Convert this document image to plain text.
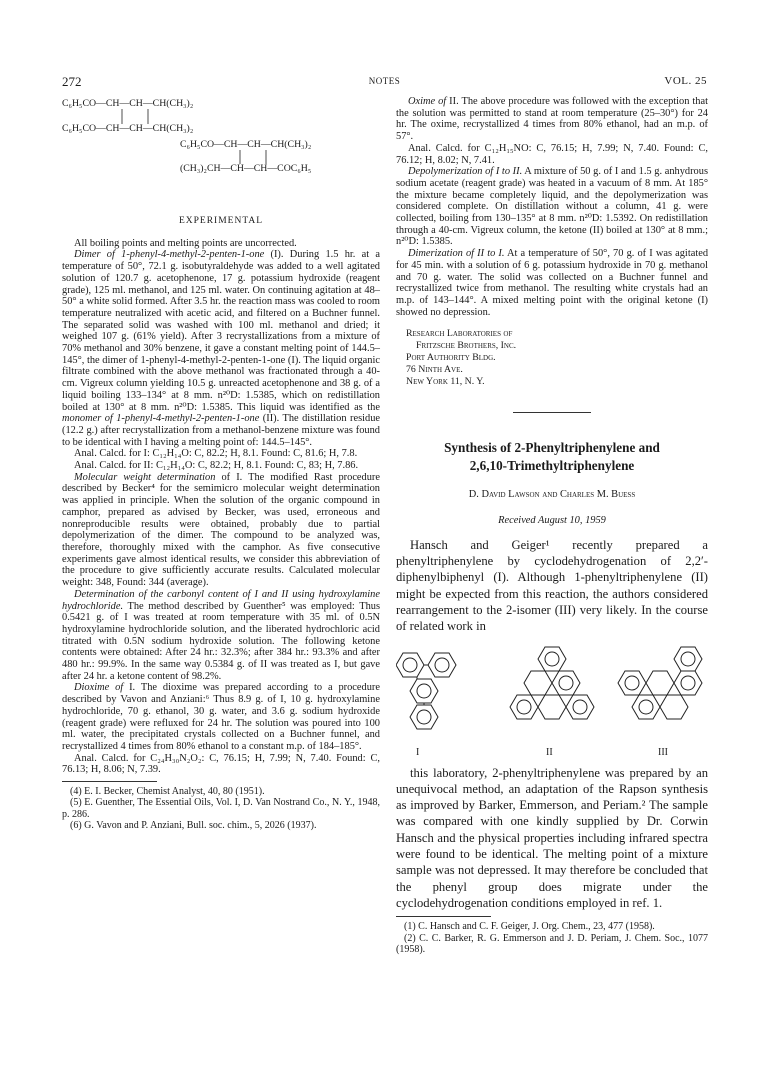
272	NOTES	VOL. 25
C₆H₅CO—CH—CH—CH(CH₃)₂
C₆H₅CO—CH—CH—CH(CH₃)₂
C₆H₅CO—CH—CH—CH(CH₃)₂
(CH₃)₂CH—CH—CH—COC₆H₅
EXPERIMENTAL

All boiling points and melting points are uncorrected.

Dimer of 1-phenyl-4-methyl-2-penten-1-one (I). During 1.5 hr. at a temperature of 50°, 72.1 g. isobutyraldehyde was added to a well agitated solution of 120.7 g. acetophenone, 17 g. potassium hydroxide (reagent grade), 125 ml. methanol, and 125 ml. water. On continuing agitation at 48–50° a white solid formed. After 3.5 hr. the reaction mass was cooled to room temperature neutralized with acetic acid, and filtered on a Buchner funnel. The separated solid was washed with 100 ml. methanol and dried; it weighed 107 g. (61% yield). After 3 recrystallizations from a mixture of 70% methanol and 30% benzene, it gave a constant melting point of 144.5–145°, the dimer of 1-phenyl-4-methyl-2-penten-1-one (I). The liquid organic filtrate combined with the above methanol was fractionated through a 40-cm. Vigreux column yielding 10.5 g. unreacted acetophenone and 38 g. of a liquid boiling 133–134° at 8 mm. n²⁰D: 1.5385, which on redistillation boiled at 130° at 8 mm. n²⁰D: 1.5385. This liquid was identified as the monomer of 1-phenyl-4-methyl-2-penten-1-one (II). The distillation residue (12.2 g.) after recrystallization from a methanol-benzene mixture was found to be identical with I having a melting point of: 144.5–145°.

Anal. Calcd. for I: C₁₂H₁₄O: C, 82.2; H, 8.1. Found: C, 81.6; H, 7.8.

Anal. Calcd. for II: C₁₂H₁₄O: C, 82.2; H, 8.1. Found: C, 83; H, 7.86.

Molecular weight determination of I. The modified Rast procedure described by Becker⁴ for the semimicro molecular weight determination was applied in principle. When the solution of the organic compound in camphor, prepared as advised by Becker, was used, erroneous and nonreproducible results were obtained, probably due to partial depolymerization of the dimer. The compound to be analyzed was, therefore, thoroughly mixed with the camphor. As five consecutive experiments gave almost identical results, we consider this abbreviation of the procedure to give sufficiently accurate results. Calculated molecular weight: 348, Found: 344 (average).

Determination of the carbonyl content of I and II using hydroxylamine hydrochloride. The method described by Guenther⁵ was employed: Thus 0.5421 g. of I was treated at room temperature with 35 ml. of 0.5N hydroxylamine hydrochloride solution, and the liberated hydrochloric acid titrated with 0.5N sodium hydroxide solution. The following ketone contents were obtained: After 24 hr.: 32.3%; after 384 hr.: 93.3% and after 480 hr.: 99.9%. In the same way 0.5384 g. of II was treated as I, but gave after 24 hr. a ketone content of 98.2%.

Dioxime of I. The dioxime was prepared according to a procedure described by Vavon and Anziani:⁶ Thus 8.9 g. of I, 10 g. hydroxylamine hydrochloride, 70 g. ethanol, 30 g. water, and 3.6 g. sodium hydroxide (reagent grade) were refluxed for 24 hr. The solution was poured into 100 ml. water, the precipitated crystals collected on a Buchner funnel, and recrystallized 4 times from 80% ethanol to a constant m.p. of 184–185°.

Anal. Calcd. for C₂₄H₃₀N₂O₂: C, 76.15; H, 7.99; N, 7.40. Found: C, 76.13; H, 8.06; N, 7.39.

(4) E. I. Becker, Chemist Analyst, 40, 80 (1951).

(5) E. Guenther, The Essential Oils, Vol. I, D. Van Nostrand Co., N. Y., 1948, p. 286.

(6) G. Vavon and P. Anziani, Bull. soc. chim., 5, 2026 (1937).

Oxime of II. The above procedure was followed with the exception that the solution was permitted to stand at room temperature (25–30°) for 24 hr. The oxime, recrystallized 4 times from 80% ethanol, had an m.p. of 57°.

Anal. Calcd. for C₁₂H₁₅NO: C, 76.15; H, 7.99; N, 7.40. Found: C, 76.12; H, 8.02; N, 7.41.

Depolymerization of I to II. A mixture of 50 g. of I and 1.5 g. anhydrous sodium acetate (reagent grade) was heated in a vacuum of 8 mm. At 185° the mixture became completely liquid, and the depolymerization was considered complete. On distillation without a column, 41 g. were collected, boiling from 130–135° at 8 mm. n²⁰D: 1.5392. On redistillation through a 40-cm. Vigreux column, the ketone (II) boiled at 130° at 8 mm.; n²⁰D: 1.5385.

Dimerization of II to I. At a temperature of 50°, 70 g. of I was agitated for 45 min. with a solution of 6 g. potassium hydroxide in 70 g. methanol and 70 g. water. The solid was collected on a Buchner funnel and recrystallized twice from methanol. The resulting white crystals had an m.p. of 143–144°. A mixed melting point with the original ketone (I) showed no depression.

Research Laboratories of
Fritzsche Brothers, Inc.
Port Authority Bldg.
76 Ninth Ave.
New York 11, N. Y.
Synthesis of 2-Phenyltriphenylene and
2,6,10-Trimethyltriphenylene
D. David Lawson and Charles M. Buess
Received August 10, 1959

Hansch and Geiger¹ recently prepared a phenyltriphenylene by cyclodehydrogenation of 2,2′-diphenylbiphenyl (I). Although 1-phenyltriphenylene (II) might be expected from this reaction, the authors considered rearrangement to the 2-isomer (III) very likely. In the course of related work in

I	II	III

this laboratory, 2-phenyltriphenylene was prepared by an unequivocal method, an adaptation of the Rapson synthesis as improved by Barker, Emmerson, and Periam.² The sample was compared with one kindly supplied by Dr. Corwin Hansch and the physical properties including infrared spectra were found to be identical. The melting point of a mixture sample was not depressed. It may therefore be concluded that the phenyl group does migrate under the cyclodehydrogenation conditions employed in ref. 1.

(1) C. Hansch and C. F. Geiger, J. Org. Chem., 23, 477 (1958).

(2) C. C. Barker, R. G. Emmerson and J. D. Periam, J. Chem. Soc., 1077 (1958).
